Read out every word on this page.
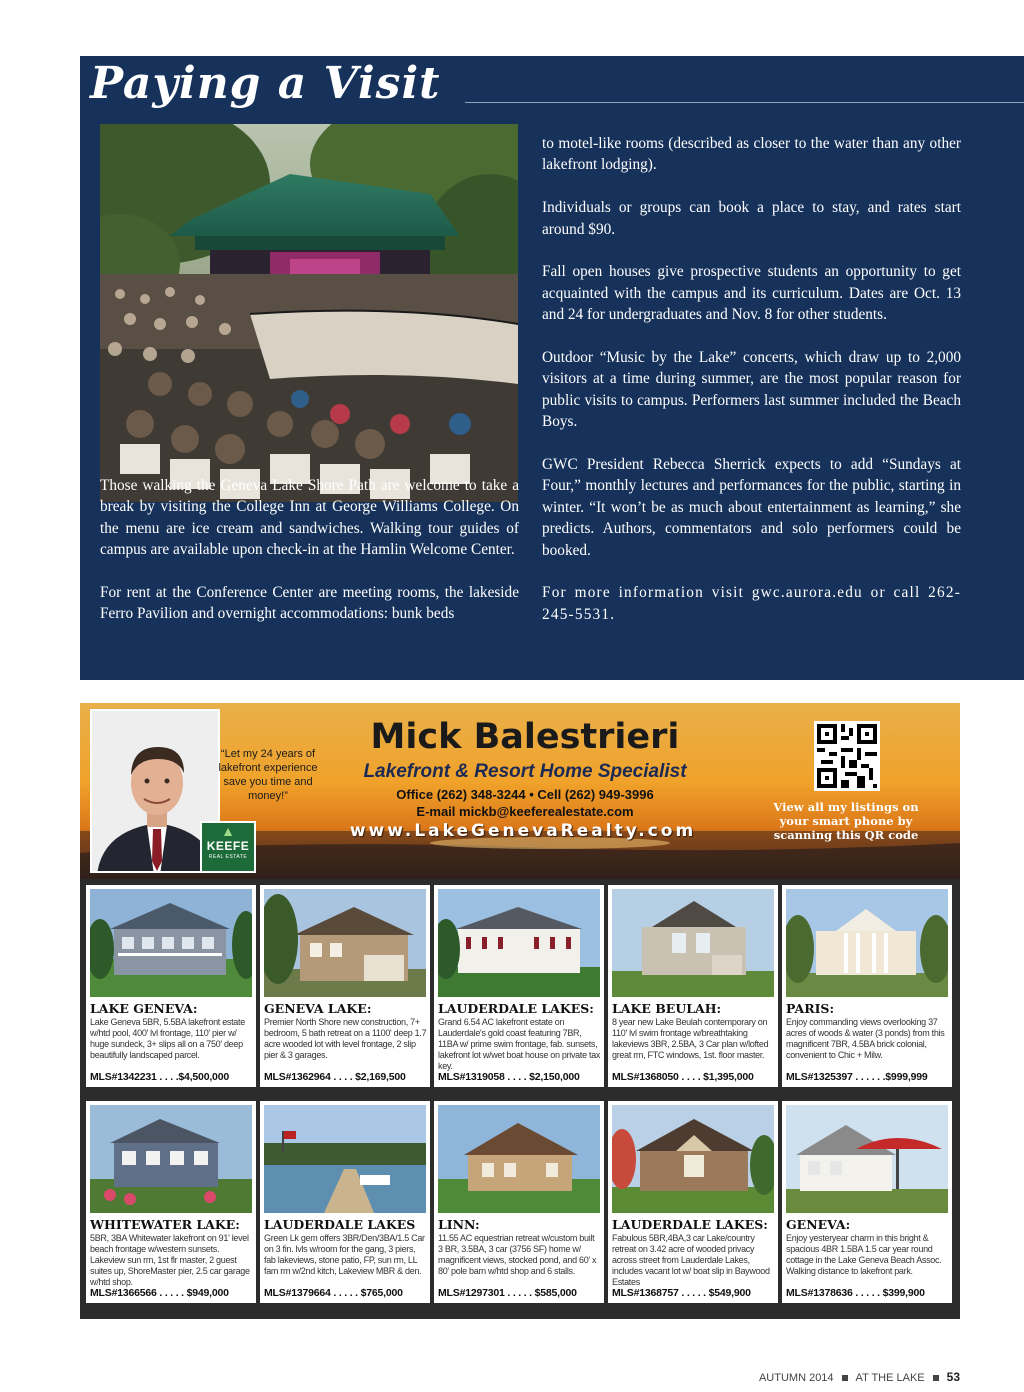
Paying a Visit

Those walking the Geneva Lake Shore Path are welcome to take a break by visiting the College Inn at George Williams College. On the menu are ice cream and sandwiches. Walking tour guides of campus are available upon check-in at the Hamlin Welcome Center.

For rent at the Conference Center are meeting rooms, the lakeside Ferro Pavilion and overnight accommodations: bunk beds

to motel-like rooms (described as closer to the water than any other lakefront lodging).

Individuals or groups can book a place to stay, and rates start around $90.

Fall open houses give prospective students an opportunity to get acquainted with the campus and its curriculum. Dates are Oct. 13 and 24 for undergraduates and Nov. 8 for other students.

Outdoor “Music by the Lake” concerts, which draw up to 2,000 visitors at a time during summer, are the most popular reason for public visits to campus. Performers last summer included the Beach Boys.

GWC President Rebecca Sherrick expects to add “Sundays at Four,” monthly lectures and performances for the public, starting in winter. “It won’t be as much about entertainment as learning,” she predicts. Authors, commentators and solo performers could be booked.

For more information visit gwc.aurora.edu or call 262-245-5531.

“Let my 24 years of lakefront experience save you time and money!”
▲
KEEFE
REAL ESTATE
Mick Balestrieri
Lakefront & Resort Home Specialist
Office (262) 348-3244 • Cell (262) 949-3996
E-mail mickb@keeferealestate.com
www.LakeGenevaRealty.com
View all my listings on your smart phone by scanning this QR code
LAKE GENEVA:
Lake Geneva 5BR, 5.5BA lakefront estate w/htd pool, 400' lvl frontage, 110' pier w/ huge sundeck, 3+ slips all on a 750' deep beautifully landscaped parcel.
MLS#1342231 . . . .$4,500,000
GENEVA LAKE:
Premier North Shore new construction, 7+ bedroom, 5 bath retreat on a 1100' deep 1.7 acre wooded lot with level frontage, 2 slip pier & 3 garages.
MLS#1362964 . . . . $2,169,500
LAUDERDALE LAKES:
Grand 6.54 AC lakefront estate on Lauderdale's gold coast featuring 7BR, 11BA w/ prime swim frontage, fab. sunsets, lakefront lot w/wet boat house on private tax key.
MLS#1319058 . . . . $2,150,000
LAKE BEULAH:
8 year new Lake Beulah contemporary on 110' lvl swim frontage w/breathtaking lakeviews 3BR, 2.5BA, 3 Car plan w/lofted great rm, FTC windows, 1st. floor master.
MLS#1368050 . . . . $1,395,000
PARIS:
Enjoy commanding views overlooking 37 acres of woods & water (3 ponds) from this magnificent 7BR, 4.5BA brick colonial, convenient to Chic + Milw.
MLS#1325397 . . . . . .$999,999
WHITEWATER LAKE:
5BR, 3BA Whitewater lakefront on 91' level beach frontage w/western sunsets. Lakeview sun rm, 1st flr master, 2 guest suites up, ShoreMaster pier, 2.5 car garage w/htd shop.
MLS#1366566 . . . . . $949,000
LAUDERDALE LAKES
Green Lk gem offers 3BR/Den/3BA/1.5 Car on 3 fin. lvls w/room for the gang, 3 piers, fab lakeviews, stone patio, FP, sun rm, LL fam rm w/2nd kitch, Lakeview MBR & den.
MLS#1379664 . . . . . $765,000
LINN:
11.55 AC equestrian retreat w/custom built 3 BR, 3.5BA, 3 car (3756 SF) home w/ magnificent views, stocked pond, and 60' x 80' pole barn w/htd shop and 6 stalls.
MLS#1297301 . . . . . $585,000
LAUDERDALE LAKES:
Fabulous 5BR,4BA,3 car Lake/country retreat on 3.42 acre of wooded privacy across street from Lauderdale Lakes, includes vacant lot w/ boat slip in Baywood Estates
MLS#1368757 . . . . . $549,900
GENEVA:
Enjoy yesteryear charm in this bright & spacious 4BR 1.5BA 1.5 car year round cottage in the Lake Geneva Beach Assoc. Walking distance to lakefront park.
MLS#1378636 . . . . . $399,900
AUTUMN 2014 AT THE LAKE 53
